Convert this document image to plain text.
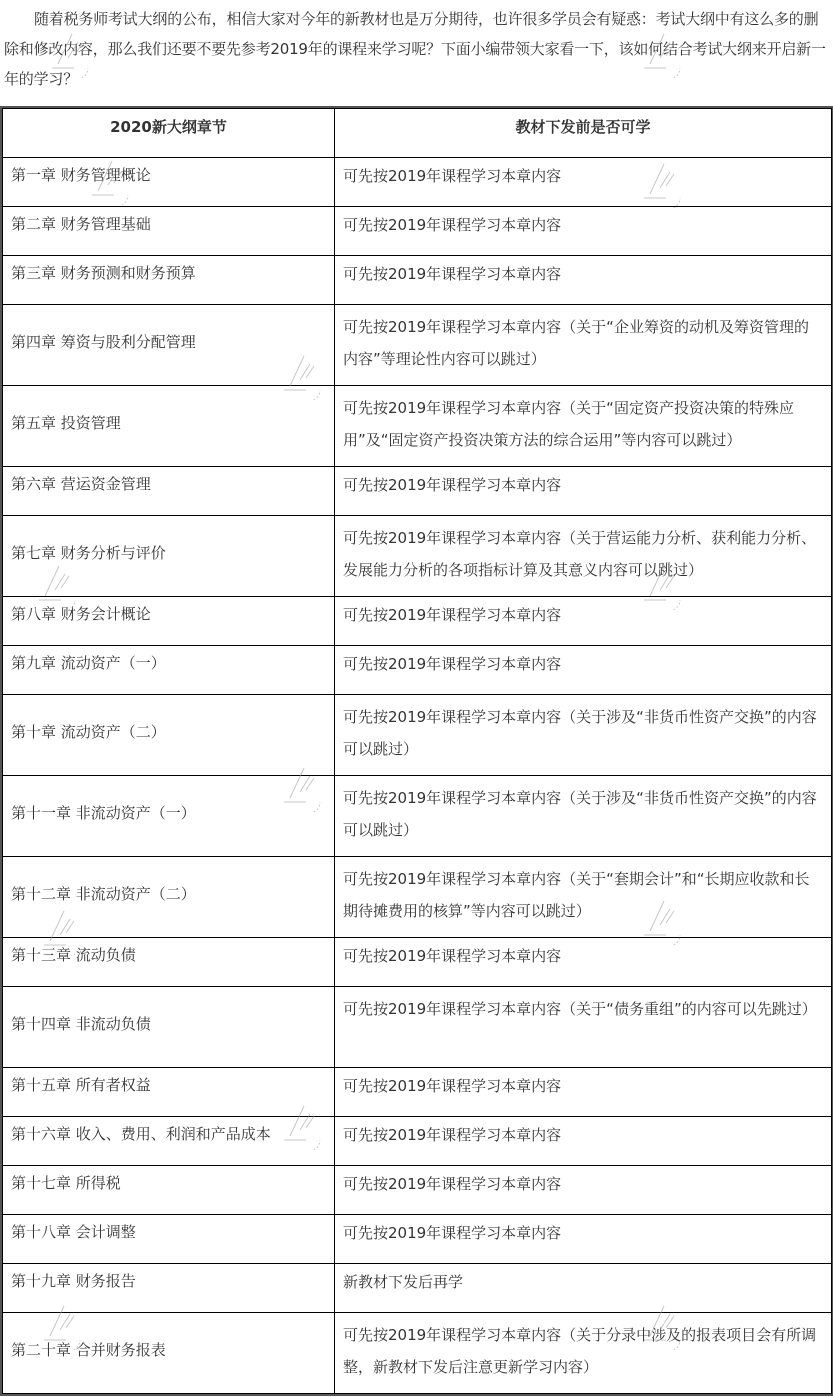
随着税务师考试大纲的公布，相信大家对今年的新教材也是万分期待，也许很多学员会有疑惑：考试大纲中有这么多的删除和修改内容，那么我们还要不要先参考2019年的课程来学习呢？下面小编带领大家看一下，该如何结合考试大纲来开启新一年的学习？

2020新大纲章节	教材下发前是否可学
第一章 财务管理概论	可先按2019年课程学习本章内容
第二章 财务管理基础	可先按2019年课程学习本章内容
第三章 财务预测和财务预算	可先按2019年课程学习本章内容
第四章 筹资与股利分配管理	可先按2019年课程学习本章内容（关于“企业筹资的动机及筹资管理的内容”等理论性内容可以跳过）
第五章 投资管理	可先按2019年课程学习本章内容（关于“固定资产投资决策的特殊应用”及“固定资产投资决策方法的综合运用”等内容可以跳过）
第六章 营运资金管理	可先按2019年课程学习本章内容
第七章 财务分析与评价	可先按2019年课程学习本章内容（关于营运能力分析、获利能力分析、发展能力分析的各项指标计算及其意义内容可以跳过）
第八章 财务会计概论	可先按2019年课程学习本章内容
第九章 流动资产（一）	可先按2019年课程学习本章内容
第十章 流动资产（二）	可先按2019年课程学习本章内容（关于涉及“非货币性资产交换”的内容可以跳过）
第十一章 非流动资产（一）	可先按2019年课程学习本章内容（关于涉及“非货币性资产交换”的内容可以跳过）
第十二章 非流动资产（二）	可先按2019年课程学习本章内容（关于“套期会计”和“长期应收款和长期待摊费用的核算”等内容可以跳过）
第十三章 流动负债	可先按2019年课程学习本章内容
第十四章 非流动负债	可先按2019年课程学习本章内容（关于“债务重组”的内容可以先跳过）
第十五章 所有者权益	可先按2019年课程学习本章内容
第十六章 收入、费用、利润和产品成本	可先按2019年课程学习本章内容
第十七章 所得税	可先按2019年课程学习本章内容
第十八章 会计调整	可先按2019年课程学习本章内容
第十九章 财务报告	新教材下发后再学
第二十章 合并财务报表	可先按2019年课程学习本章内容（关于分录中涉及的报表项目会有所调整，新教材下发后注意更新学习内容）
